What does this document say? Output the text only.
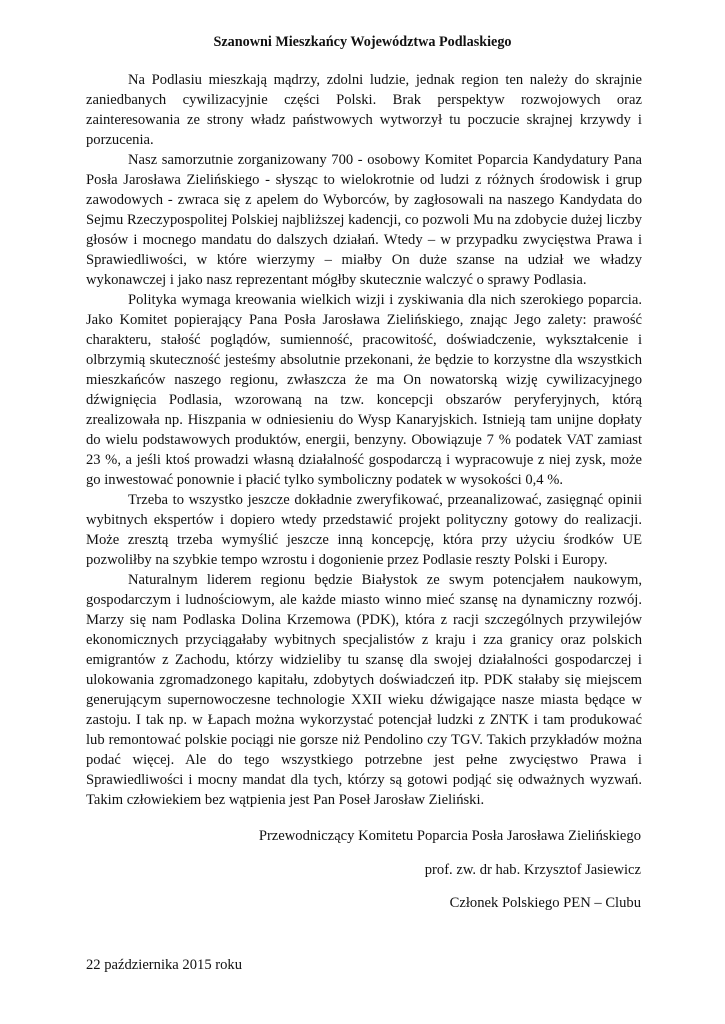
Szanowni Mieszkańcy Województwa Podlaskiego

Na Podlasiu mieszkają mądrzy, zdolni ludzie, jednak region ten należy do skrajnie zaniedbanych cywilizacyjnie części Polski. Brak perspektyw rozwojowych oraz zainteresowania ze strony władz państwowych wytworzył tu poczucie skrajnej krzywdy i porzucenia.

Nasz samorzutnie zorganizowany 700 - osobowy Komitet Poparcia Kandydatury Pana Posła Jarosława Zielińskiego - słysząc to wielokrotnie od ludzi z różnych środowisk i grup zawodowych - zwraca się z apelem do Wyborców, by zagłosowali na naszego Kandydata do Sejmu Rzeczypospolitej Polskiej najbliższej kadencji, co pozwoli Mu na zdobycie dużej liczby głosów i mocnego mandatu do dalszych działań. Wtedy – w przypadku zwycięstwa Prawa i Sprawiedliwości, w które wierzymy – miałby On duże szanse na udział we władzy wykonawczej i jako nasz reprezentant mógłby skutecznie walczyć o sprawy Podlasia.

Polityka wymaga kreowania wielkich wizji i zyskiwania dla nich szerokiego poparcia. Jako Komitet popierający Pana Posła Jarosława Zielińskiego, znając Jego zalety: prawość charakteru, stałość poglądów, sumienność, pracowitość, doświadczenie, wykształcenie i olbrzymią skuteczność jesteśmy absolutnie przekonani, że będzie to korzystne dla wszystkich mieszkańców naszego regionu, zwłaszcza że ma On nowatorską wizję cywilizacyjnego dźwignięcia Podlasia, wzorowaną na tzw. koncepcji obszarów peryferyjnych, którą zrealizowała np. Hiszpania w odniesieniu do Wysp Kanaryjskich. Istnieją tam unijne dopłaty do wielu podstawowych produktów, energii, benzyny. Obowiązuje 7 % podatek VAT zamiast 23 %, a jeśli ktoś prowadzi własną działalność gospodarczą i wypracowuje z niej zysk, może go inwestować ponownie i płacić tylko symboliczny podatek w wysokości 0,4 %.

Trzeba to wszystko jeszcze dokładnie zweryfikować, przeanalizować, zasięgnąć opinii wybitnych ekspertów i dopiero wtedy przedstawić projekt polityczny gotowy do realizacji. Może zresztą trzeba wymyślić jeszcze inną koncepcję, która przy użyciu środków UE pozwoliłby na szybkie tempo wzrostu i dogonienie przez Podlasie reszty Polski i Europy.

Naturalnym liderem regionu będzie Białystok ze swym potencjałem naukowym, gospodarczym i ludnościowym, ale każde miasto winno mieć szansę na dynamiczny rozwój. Marzy się nam Podlaska Dolina Krzemowa (PDK), która z racji szczególnych przywilejów ekonomicznych przyciągałaby wybitnych specjalistów z kraju i zza granicy oraz polskich emigrantów z Zachodu, którzy widzieliby tu szansę dla swojej działalności gospodarczej i ulokowania zgromadzonego kapitału, zdobytych doświadczeń itp. PDK stałaby się miejscem generującym supernowoczesne technologie XXII wieku dźwigające nasze miasta będące w zastoju. I tak np. w Łapach można wykorzystać potencjał ludzki z ZNTK i tam produkować lub remontować polskie pociągi nie gorsze niż Pendolino czy TGV. Takich przykładów można podać więcej. Ale do tego wszystkiego potrzebne jest pełne zwycięstwo Prawa i Sprawiedliwości i mocny mandat dla tych, którzy są gotowi podjąć się odważnych wyzwań. Takim człowiekiem bez wątpienia jest Pan Poseł Jarosław Zieliński.

Przewodniczący Komitetu Poparcia Posła Jarosława Zielińskiego
prof. zw. dr hab. Krzysztof Jasiewicz
Członek Polskiego PEN – Clubu
22 października 2015 roku
